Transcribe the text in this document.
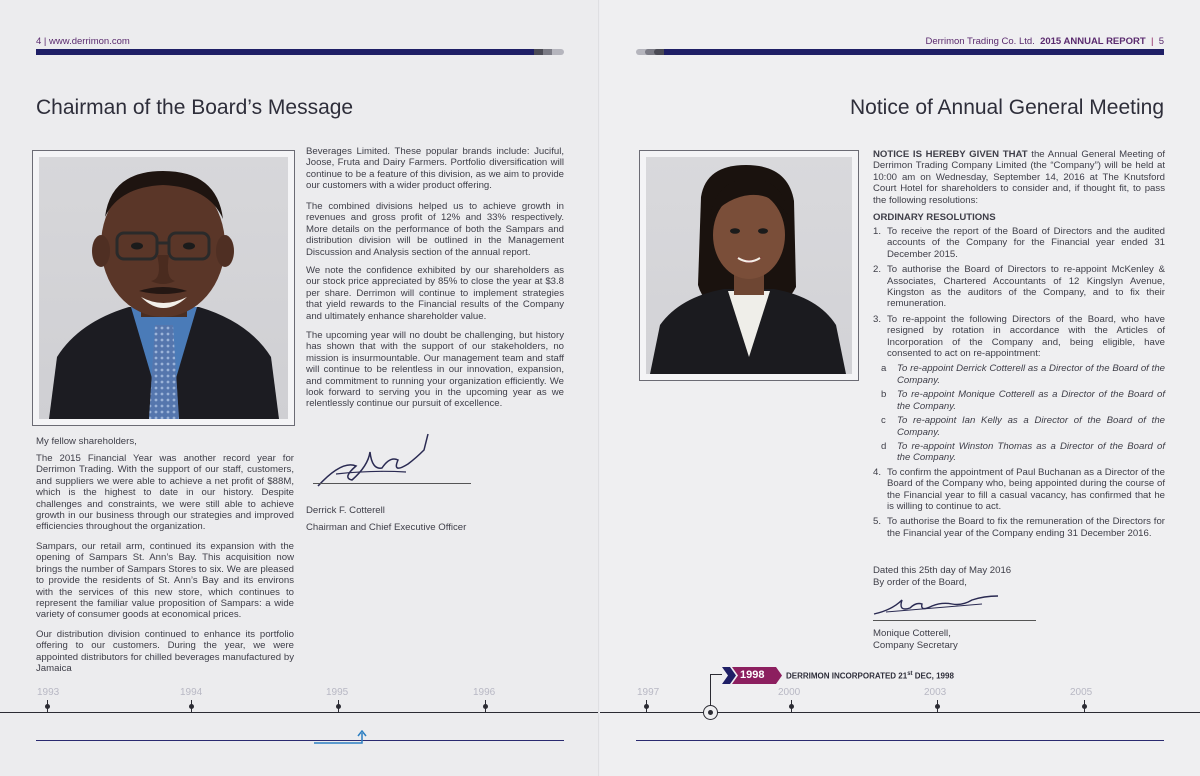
4 | www.derrimon.com
Chairman of the Board’s Message
Beverages Limited. These popular brands include: Juciful, Joose, Fruta and Dairy Farmers. Portfolio diversification will continue to be a feature of this division, as we aim to provide our customers with a wider product offering.
The combined divisions helped us to achieve growth in revenues and gross profit of 12% and 33% respectively. More details on the performance of both the Sampars and distribution division will be outlined in the Management Discussion and Analysis section of the annual report.
We note the confidence exhibited by our shareholders as our stock price appreciated by 85% to close the year at $3.8 per share. Derrimon will continue to implement strategies that yield rewards to the Financial results of the Company and ultimately enhance shareholder value.
The upcoming year will no doubt be challenging, but history has shown that with the support of our stakeholders, no mission is insurmountable. Our management team and staff will continue to be relentless in our innovation, expansion, and commitment to running your organization efficiently. We look forward to serving you in the upcoming year as we relentlessly continue our pursuit of excellence.
Derrick F. Cotterell
Chairman and Chief Executive Officer
My fellow shareholders,
The 2015 Financial Year was another record year for Derrimon Trading. With the support of our staff, customers, and suppliers we were able to achieve a net profit of $88M, which is the highest to date in our history. Despite challenges and constraints, we were still able to achieve growth in our business through our strategies and improved efficiencies throughout the organization.
Sampars, our retail arm, continued its expansion with the opening of Sampars St. Ann’s Bay. This acquisition now brings the number of Sampars Stores to six. We are pleased to provide the residents of St. Ann’s Bay and its environs with the services of this new store, which continues to represent the familiar value proposition of Sampars: a wide variety of consumer goods at economical prices.
Our distribution division continued to enhance its portfolio offering to our customers. During the year, we were appointed distributors for chilled beverages manufactured by Jamaica
1993	1994	1995	1996
Derrimon Trading Co. Ltd. 2015 ANNUAL REPORT  |  5
Notice of Annual General Meeting
NOTICE IS HEREBY GIVEN THAT the Annual General Meeting of Derrimon Trading Company Limited (the “Company”) will be held at 10:00 am on Wednesday, September 14, 2016 at The Knutsford Court Hotel for shareholders to consider and, if thought fit, to pass the following resolutions:
ORDINARY RESOLUTIONS
1. To receive the report of the Board of Directors and the audited accounts of the Company for the Financial year ended 31 December 2015.
2. To authorise the Board of Directors to re-appoint McKenley & Associates, Chartered Accountants of 12 Kingslyn Avenue, Kingston as the auditors of the Company, and to fix their remuneration.
3. To re-appoint the following Directors of the Board, who have resigned by rotation in accordance with the Articles of Incorporation of the Company and, being eligible, have consented to act on re-appointment:
a	To re-appoint Derrick Cotterell as a Director of the Board of the Company.
b	To re-appoint Monique Cotterell as a Director of the Board of the Company.
c	To re-appoint Ian Kelly as a Director of the Board of the Company.
d	To re-appoint Winston Thomas as a Director of the Board of the Company.
4. To confirm the appointment of Paul Buchanan as a Director of the Board of the Company who, being appointed during the course of the Financial year to fill a casual vacancy, has confirmed that he is willing to continue to act.
5. To authorise the Board to fix the remuneration of the Directors for the Financial year of the Company ending 31 December 2016.
Dated this 25th day of May 2016
By order of the Board,
Monique Cotterell,
Company Secretary
1998	DERRIMON INCORPORATED 21st DEC, 1998
1997	2000	2003	2005
